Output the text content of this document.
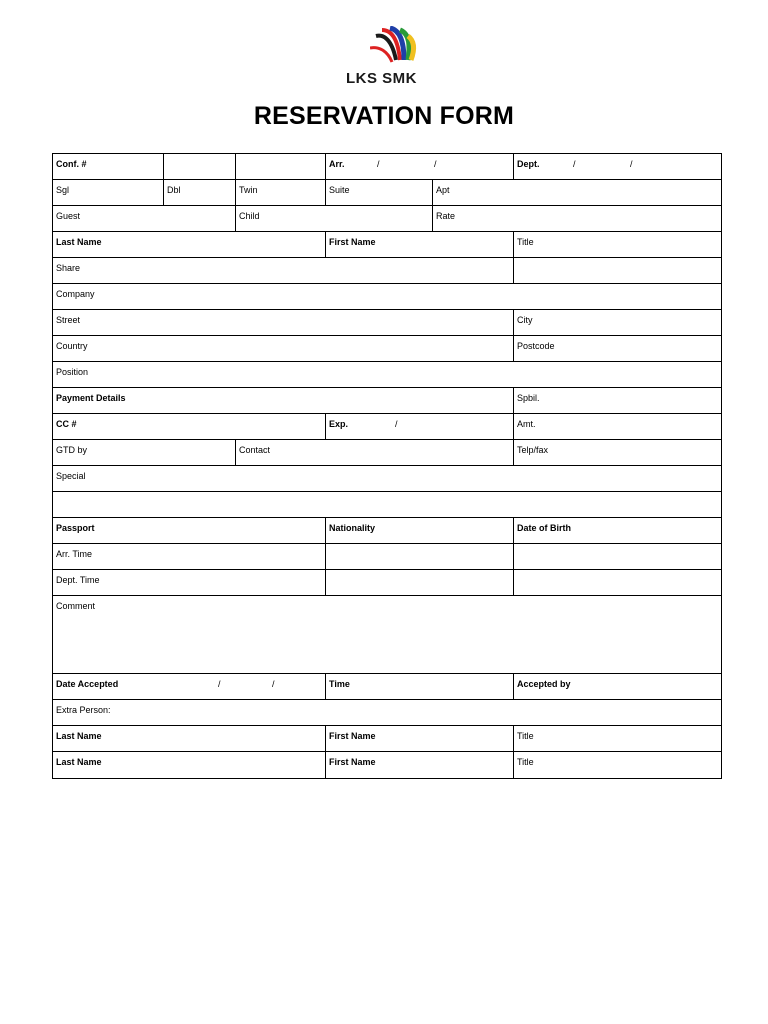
LKS SMK
RESERVATION FORM
Conf. #	Arr.	/	/	Dept.	/	/
Sgl	Dbl	Twin	Suite	Apt
Guest	Child	Rate
Last Name	First Name	Title
Share
Company
Street	City
Country	Postcode
Position
Payment Details	Spbil.
CC #	Exp.	/	Amt.
GTD by	Contact	Telp/fax
Special
Passport	Nationality	Date of Birth
Arr. Time
Dept. Time
Comment
Date Accepted	/	/	Time	Accepted by
Extra Person:
Last Name	First Name	Title
Last Name	First Name	Title
